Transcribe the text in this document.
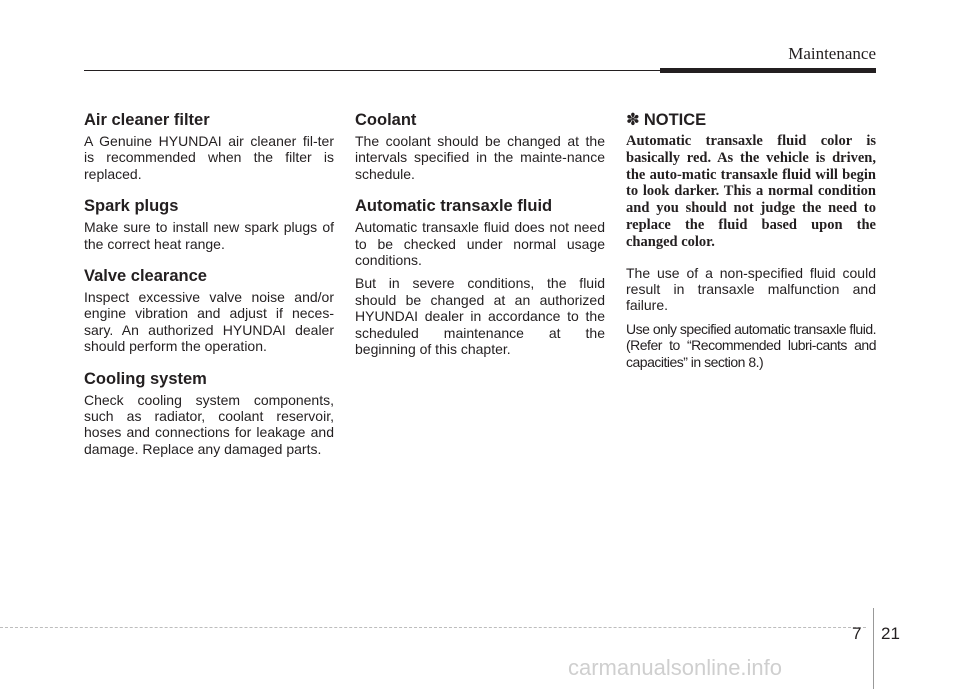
Maintenance
Air cleaner filter

A Genuine HYUNDAI air cleaner fil-ter is recommended when the filter is replaced.

Spark plugs

Make sure to install new spark plugs of the correct heat range.

Valve clearance

Inspect excessive valve noise and/or engine vibration and adjust if neces-sary. An authorized HYUNDAI dealer should perform the operation.

Cooling system

Check cooling system components, such as radiator, coolant reservoir, hoses and connections for leakage and damage. Replace any damaged parts.

Coolant

The coolant should be changed at the intervals specified in the mainte-nance schedule.

Automatic transaxle fluid

Automatic transaxle fluid does not need to be checked under normal usage conditions.

But in severe conditions, the fluid should be changed at an authorized HYUNDAI dealer in accordance to the scheduled maintenance at the beginning of this chapter.

✽ NOTICE

Automatic transaxle fluid color is basically red. As the vehicle is driven, the auto-matic transaxle fluid will begin to look darker. This a normal condition and you should not judge the need to replace the fluid based upon the changed color.

The use of a non-specified fluid could result in transaxle malfunction and failure.

Use only specified automatic transaxle fluid. (Refer to “Recommended lubri-cants and capacities” in section 8.)

7 21
carmanualsonline.info
